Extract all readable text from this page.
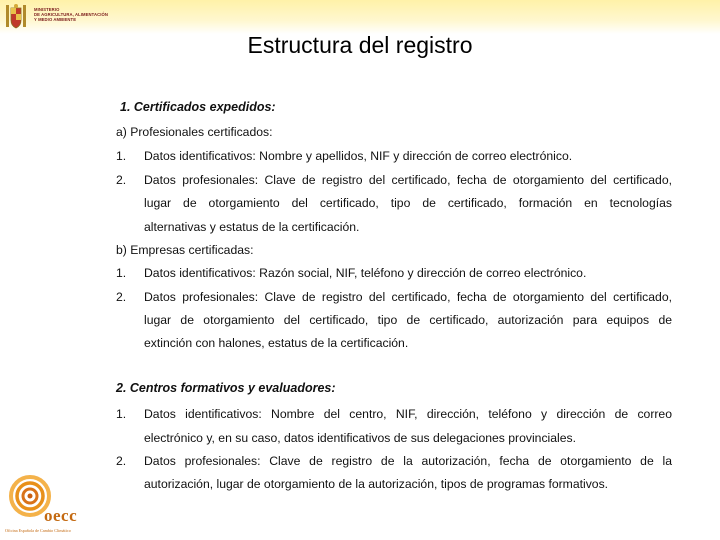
MINISTERIO
DE AGRICULTURA, ALIMENTACIÓN
Y MEDIO AMBIENTE
Estructura del registro
1. Certificados expedidos:
a) Profesionales certificados:
1. Datos identificativos: Nombre y apellidos, NIF y dirección de correo electrónico.
2. Datos profesionales: Clave de registro del certificado, fecha de otorgamiento del certificado,
lugar de otorgamiento del certificado, tipo de certificado, formación en tecnologías
alternativas y estatus de la certificación.
b) Empresas certificadas:
1. Datos identificativos: Razón social, NIF, teléfono y dirección de correo electrónico.
2. Datos profesionales: Clave de registro del certificado, fecha de otorgamiento del certificado,
lugar de otorgamiento del certificado, tipo de certificado, autorización para equipos de
extinción con halones, estatus de la certificación.
2. Centros formativos y evaluadores:
1. Datos identificativos: Nombre del centro, NIF, dirección, teléfono y dirección de correo
electrónico y, en su caso, datos identificativos de sus delegaciones provinciales.
2. Datos profesionales: Clave de registro de la autorización, fecha de otorgamiento de la
autorización, lugar de otorgamiento de la autorización, tipos de programas formativos.
oecc
Oficina Española de Cambio Climático
